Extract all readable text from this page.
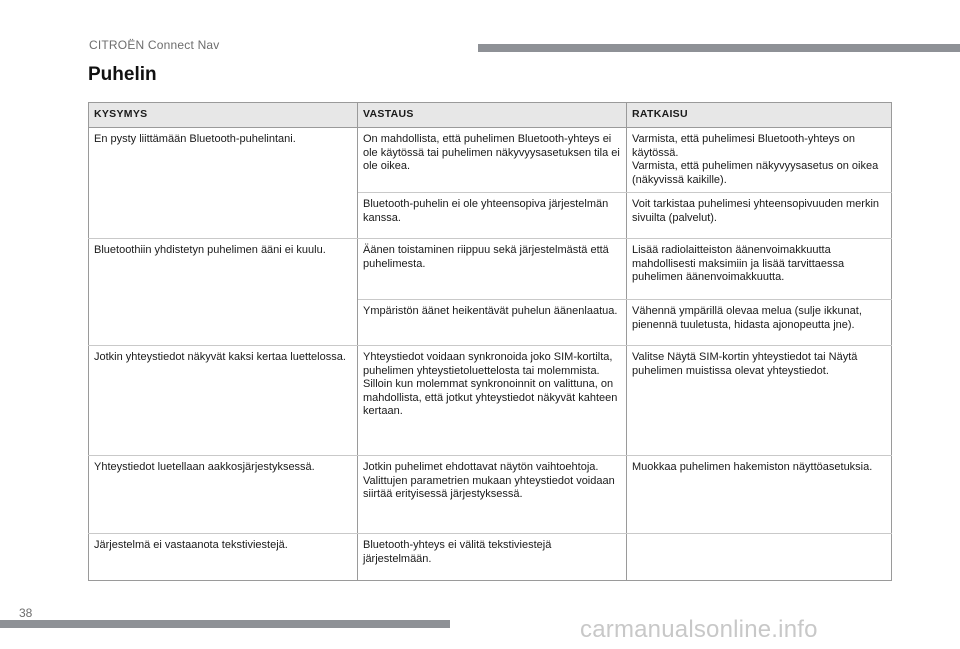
CITROËN Connect Nav
Puhelin
KYSYMYS	VASTAUS	RATKAISU
En pysty liittämään Bluetooth-puhelintani.	On mahdollista, että puhelimen Bluetooth-yhteys ei ole käytössä tai puhelimen näkyvyysasetuksen tila ei ole oikea.	Varmista, että puhelimesi Bluetooth-yhteys on käytössä.
Varmista, että puhelimen näkyvyysasetus on oikea (näkyvissä kaikille).

	Bluetooth-puhelin ei ole yhteensopiva järjestelmän kanssa.	Voit tarkistaa puhelimesi yhteensopivuuden merkin sivuilta (palvelut).

Bluetoothiin yhdistetyn puhelimen ääni ei kuulu.	Äänen toistaminen riippuu sekä järjestelmästä että puhelimesta.	Lisää radiolaitteiston äänenvoimakkuutta mahdollisesti maksimiin ja lisää tarvittaessa puhelimen äänenvoimakkuutta.

	Ympäristön äänet heikentävät puhelun äänenlaatua.	Vähennä ympärillä olevaa melua (sulje ikkunat, pienennä tuuletusta, hidasta ajonopeutta jne).

Jotkin yhteystiedot näkyvät kaksi kertaa luettelossa.	Yhteystiedot voidaan synkronoida joko SIM-kortilta, puhelimen yhteystietoluettelosta tai molemmista. Silloin kun molemmat synkronoinnit on valittuna, on mahdollista, että jotkut yhteystiedot näkyvät kahteen kertaan.	Valitse Näytä SIM-kortin yhteystiedot tai Näytä puhelimen muistissa olevat yhteystiedot.

Yhteystiedot luetellaan aakkosjärjestyksessä.	Jotkin puhelimet ehdottavat näytön vaihtoehtoja. Valittujen parametrien mukaan yhteystiedot voidaan siirtää erityisessä järjestyksessä.	Muokkaa puhelimen hakemiston näyttöasetuksia.

Järjestelmä ei vastaanota tekstiviestejä.	Bluetooth-yhteys ei välitä tekstiviestejä järjestelmään.	
38
carmanualsonline.info
